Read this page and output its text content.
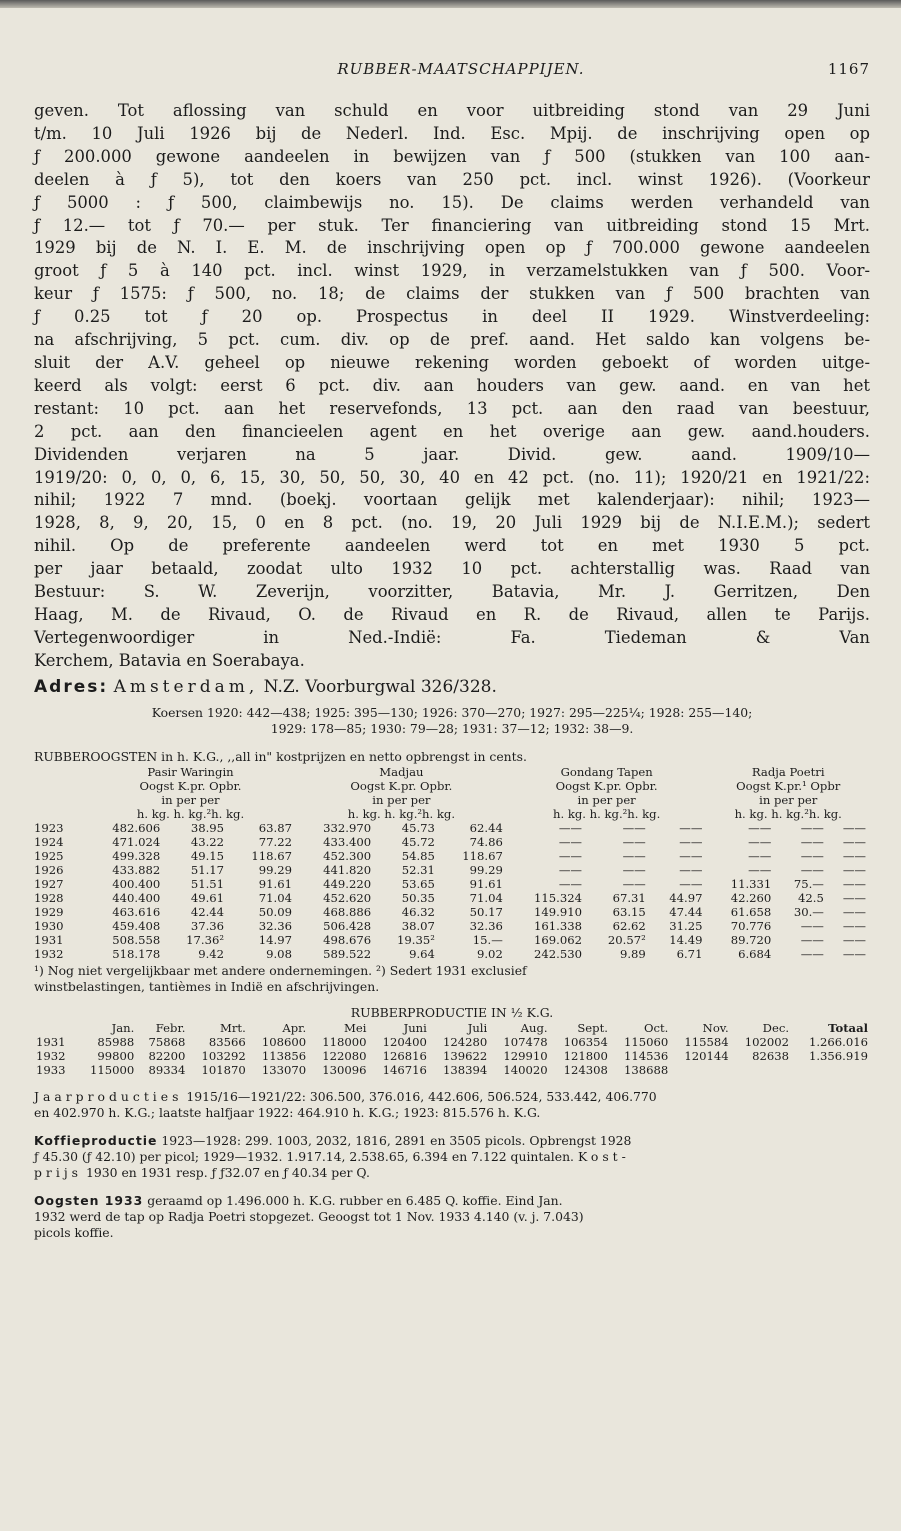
RUBBER-MAATSCHAPPIJEN.	1167
geven. Tot aflossing van schuld en voor uitbreiding stond van 29 Juni
t/m. 10 Juli 1926 bij de Nederl. Ind. Esc. Mpij. de inschrijving open op
ƒ 200.000 gewone aandeelen in bewijzen van ƒ 500 (stukken van 100 aan-
deelen à ƒ 5), tot den koers van 250 pct. incl. winst 1926). (Voorkeur
ƒ 5000 : ƒ 500, claimbewijs no. 15). De claims werden verhandeld van
ƒ 12.— tot ƒ 70.— per stuk. Ter financiering van uitbreiding stond 15 Mrt.
1929 bij de N. I. E. M. de inschrijving open op ƒ 700.000 gewone aandeelen
groot ƒ 5 à 140 pct. incl. winst 1929, in verzamelstukken van ƒ 500. Voor-
keur ƒ 1575: ƒ 500, no. 18; de claims der stukken van ƒ 500 brachten van
ƒ 0.25 tot ƒ 20 op. Prospectus in deel II 1929. Winstverdeeling:
na afschrijving, 5 pct. cum. div. op de pref. aand. Het saldo kan volgens be-
sluit der A.V. geheel op nieuwe rekening worden geboekt of worden uitge-
keerd als volgt: eerst 6 pct. div. aan houders van gew. aand. en van het
restant: 10 pct. aan het reservefonds, 13 pct. aan den raad van beestuur,
2 pct. aan den financieelen agent en het overige aan gew. aand.houders.
Dividenden verjaren na 5 jaar. Divid. gew. aand. 1909/10—
1919/20: 0, 0, 0, 6, 15, 30, 50, 50, 30, 40 en 42 pct. (no. 11); 1920/21 en 1921/22:
nihil; 1922 7 mnd. (boekj. voortaan gelijk met kalenderjaar): nihil; 1923—
1928, 8, 9, 20, 15, 0 en 8 pct. (no. 19, 20 Juli 1929 bij de N.I.E.M.); sedert
nihil. Op de preferente aandeelen werd tot en met 1930 5 pct.
per jaar betaald, zoodat ulto 1932 10 pct. achterstallig was. Raad van
Bestuur: S. W. Zeverijn, voorzitter, Batavia, Mr. J. Gerritzen, Den
Haag, M. de Rivaud, O. de Rivaud en R. de Rivaud, allen te Parijs.
Vertegenwoordiger in Ned.-Indië: Fa. Tiedeman & Van
Kerchem, Batavia en Soerabaya.
Adres: Amsterdam, N.Z. Voorburgwal 326/328.
Koersen 1920: 442—438; 1925: 395—130; 1926: 370—270; 1927: 295—225¼; 1928: 255—140;
1929: 178—85; 1930: 79—28; 1931: 37—12; 1932: 38—9.
RUBBEROOGSTEN in h. K.G., ,,all in" kostprijzen en netto opbrengst in cents.
	Pasir Waringin			Madjau			Gondang Tapen			Radja Poetri		
	Oogst K.pr. Opbr.			Oogst K.pr. Opbr.			Oogst K.pr. Opbr.			Oogst K.pr.¹ Opbr		
	in per per			in per per			in per per			in per per		
	h. kg. h. kg.²h. kg.			h. kg. h. kg.²h. kg.			h. kg. h. kg.²h. kg.			h. kg. h. kg.²h. kg.		
1923	482.606	38.95	63.87	332.970	45.73	62.44	——	——	——	——	——	——
1924	471.024	43.22	77.22	433.400	45.72	74.86	——	——	——	——	——	——
1925	499.328	49.15	118.67	452.300	54.85	118.67	——	——	——	——	——	——
1926	433.882	51.17	99.29	441.820	52.31	99.29	——	——	——	——	——	——
1927	400.400	51.51	91.61	449.220	53.65	91.61	——	——	——	11.331	75.—	——
1928	440.400	49.61	71.04	452.620	50.35	71.04	115.324	67.31	44.97	42.260	42.5	——
1929	463.616	42.44	50.09	468.886	46.32	50.17	149.910	63.15	47.44	61.658	30.—	——
1930	459.408	37.36	32.36	506.428	38.07	32.36	161.338	62.62	31.25	70.776	——	——
1931	508.558	17.36²	14.97	498.676	19.35²	15.—	169.062	20.57²	14.49	89.720	——	——
1932	518.178	9.42	9.08	589.522	9.64	9.02	242.530	9.89	6.71	6.684	——	——
¹) Nog niet vergelijkbaar met andere ondernemingen. ²) Sedert 1931 exclusief
winstbelastingen, tantièmes in Indië en afschrijvingen.
RUBBERPRODUCTIE IN ½ K.G.
	Jan.	Febr.	Mrt.	Apr.	Mei	Juni	Juli	Aug.	Sept.	Oct.	Nov.	Dec.	Totaal
1931	85988	75868	83566	108600	118000	120400	124280	107478	106354	115060	115584	102002	1.266.016
1932	99800	82200	103292	113856	122080	126816	139622	129910	121800	114536	120144	82638	1.356.919
1933	115000	89334	101870	133070	130096	146716	138394	140020	124308	138688			
Jaarproducties 1915/16—1921/22: 306.500, 376.016, 442.606, 506.524, 533.442, 406.770
en 402.970 h. K.G.; laatste halfjaar 1922: 464.910 h. K.G.; 1923: 815.576 h. K.G.
Koffieproductie 1923—1928: 299. 1003, 2032, 1816, 2891 en 3505 picols. Opbrengst 1928
ƒ 45.30 (ƒ 42.10) per picol; 1929—1932. 1.917.14, 2.538.65, 6.394 en 7.122 quintalen. Kost-
prijs 1930 en 1931 resp. ƒ ƒ32.07 en ƒ 40.34 per Q.
Oogsten 1933 geraamd op 1.496.000 h. K.G. rubber en 6.485 Q. koffie. Eind Jan.
1932 werd de tap op Radja Poetri stopgezet. Geoogst tot 1 Nov. 1933 4.140 (v. j. 7.043)
picols koffie.
